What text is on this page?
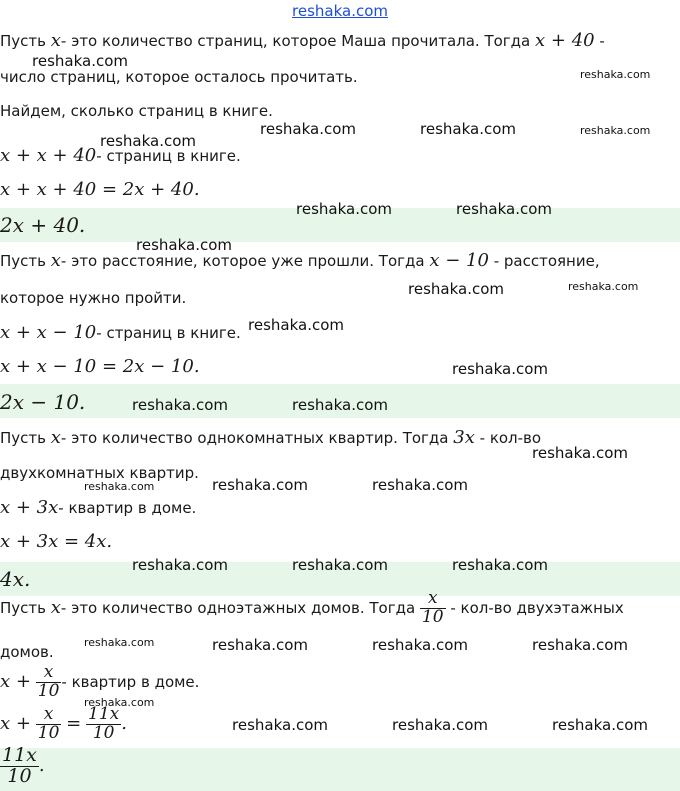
reshaka.com
Пусть x- это количество страниц, которое Маша прочитала. Тогда x + 40 -
число страниц, которое осталось прочитать.
Найдем, сколько страниц в книге.
x + x + 40- страниц в книге.
x + x + 40 = 2x + 40.
2x + 40.
Пусть x- это расстояние, которое уже прошли. Тогда x − 10 - расстояние,
которое нужно пройти.
x + x − 10- страниц в книге.
x + x − 10 = 2x − 10.
2x − 10.
Пусть x- это количество однокомнатных квартир. Тогда 3x - кол-во
двухкомнатных квартир.
x + 3x- квартир в доме.
x + 3x = 4x.
4x.
Пусть x- это количество одноэтажных домов. Тогда $\frac{x}{10} - кол-во$ двухэтажных
домов.
$x + \frac{x}{10}$ - квартир в доме.
$x + \frac{x}{10} = \frac{11x}{10}$ .
$\frac{11x}{10}$ .
reshaka.com
reshaka.com
reshaka.com
reshaka.com	reshaka.com	reshaka.com
reshaka.com	reshaka.com
reshaka.com
reshaka.com	reshaka.com
reshaka.com
reshaka.com
reshaka.com	reshaka.com
reshaka.com
reshaka.com	reshaka.com	reshaka.com
reshaka.com	reshaka.com	reshaka.com
reshaka.com	reshaka.com	reshaka.com	reshaka.com
reshaka.com
reshaka.com	reshaka.com	reshaka.com
